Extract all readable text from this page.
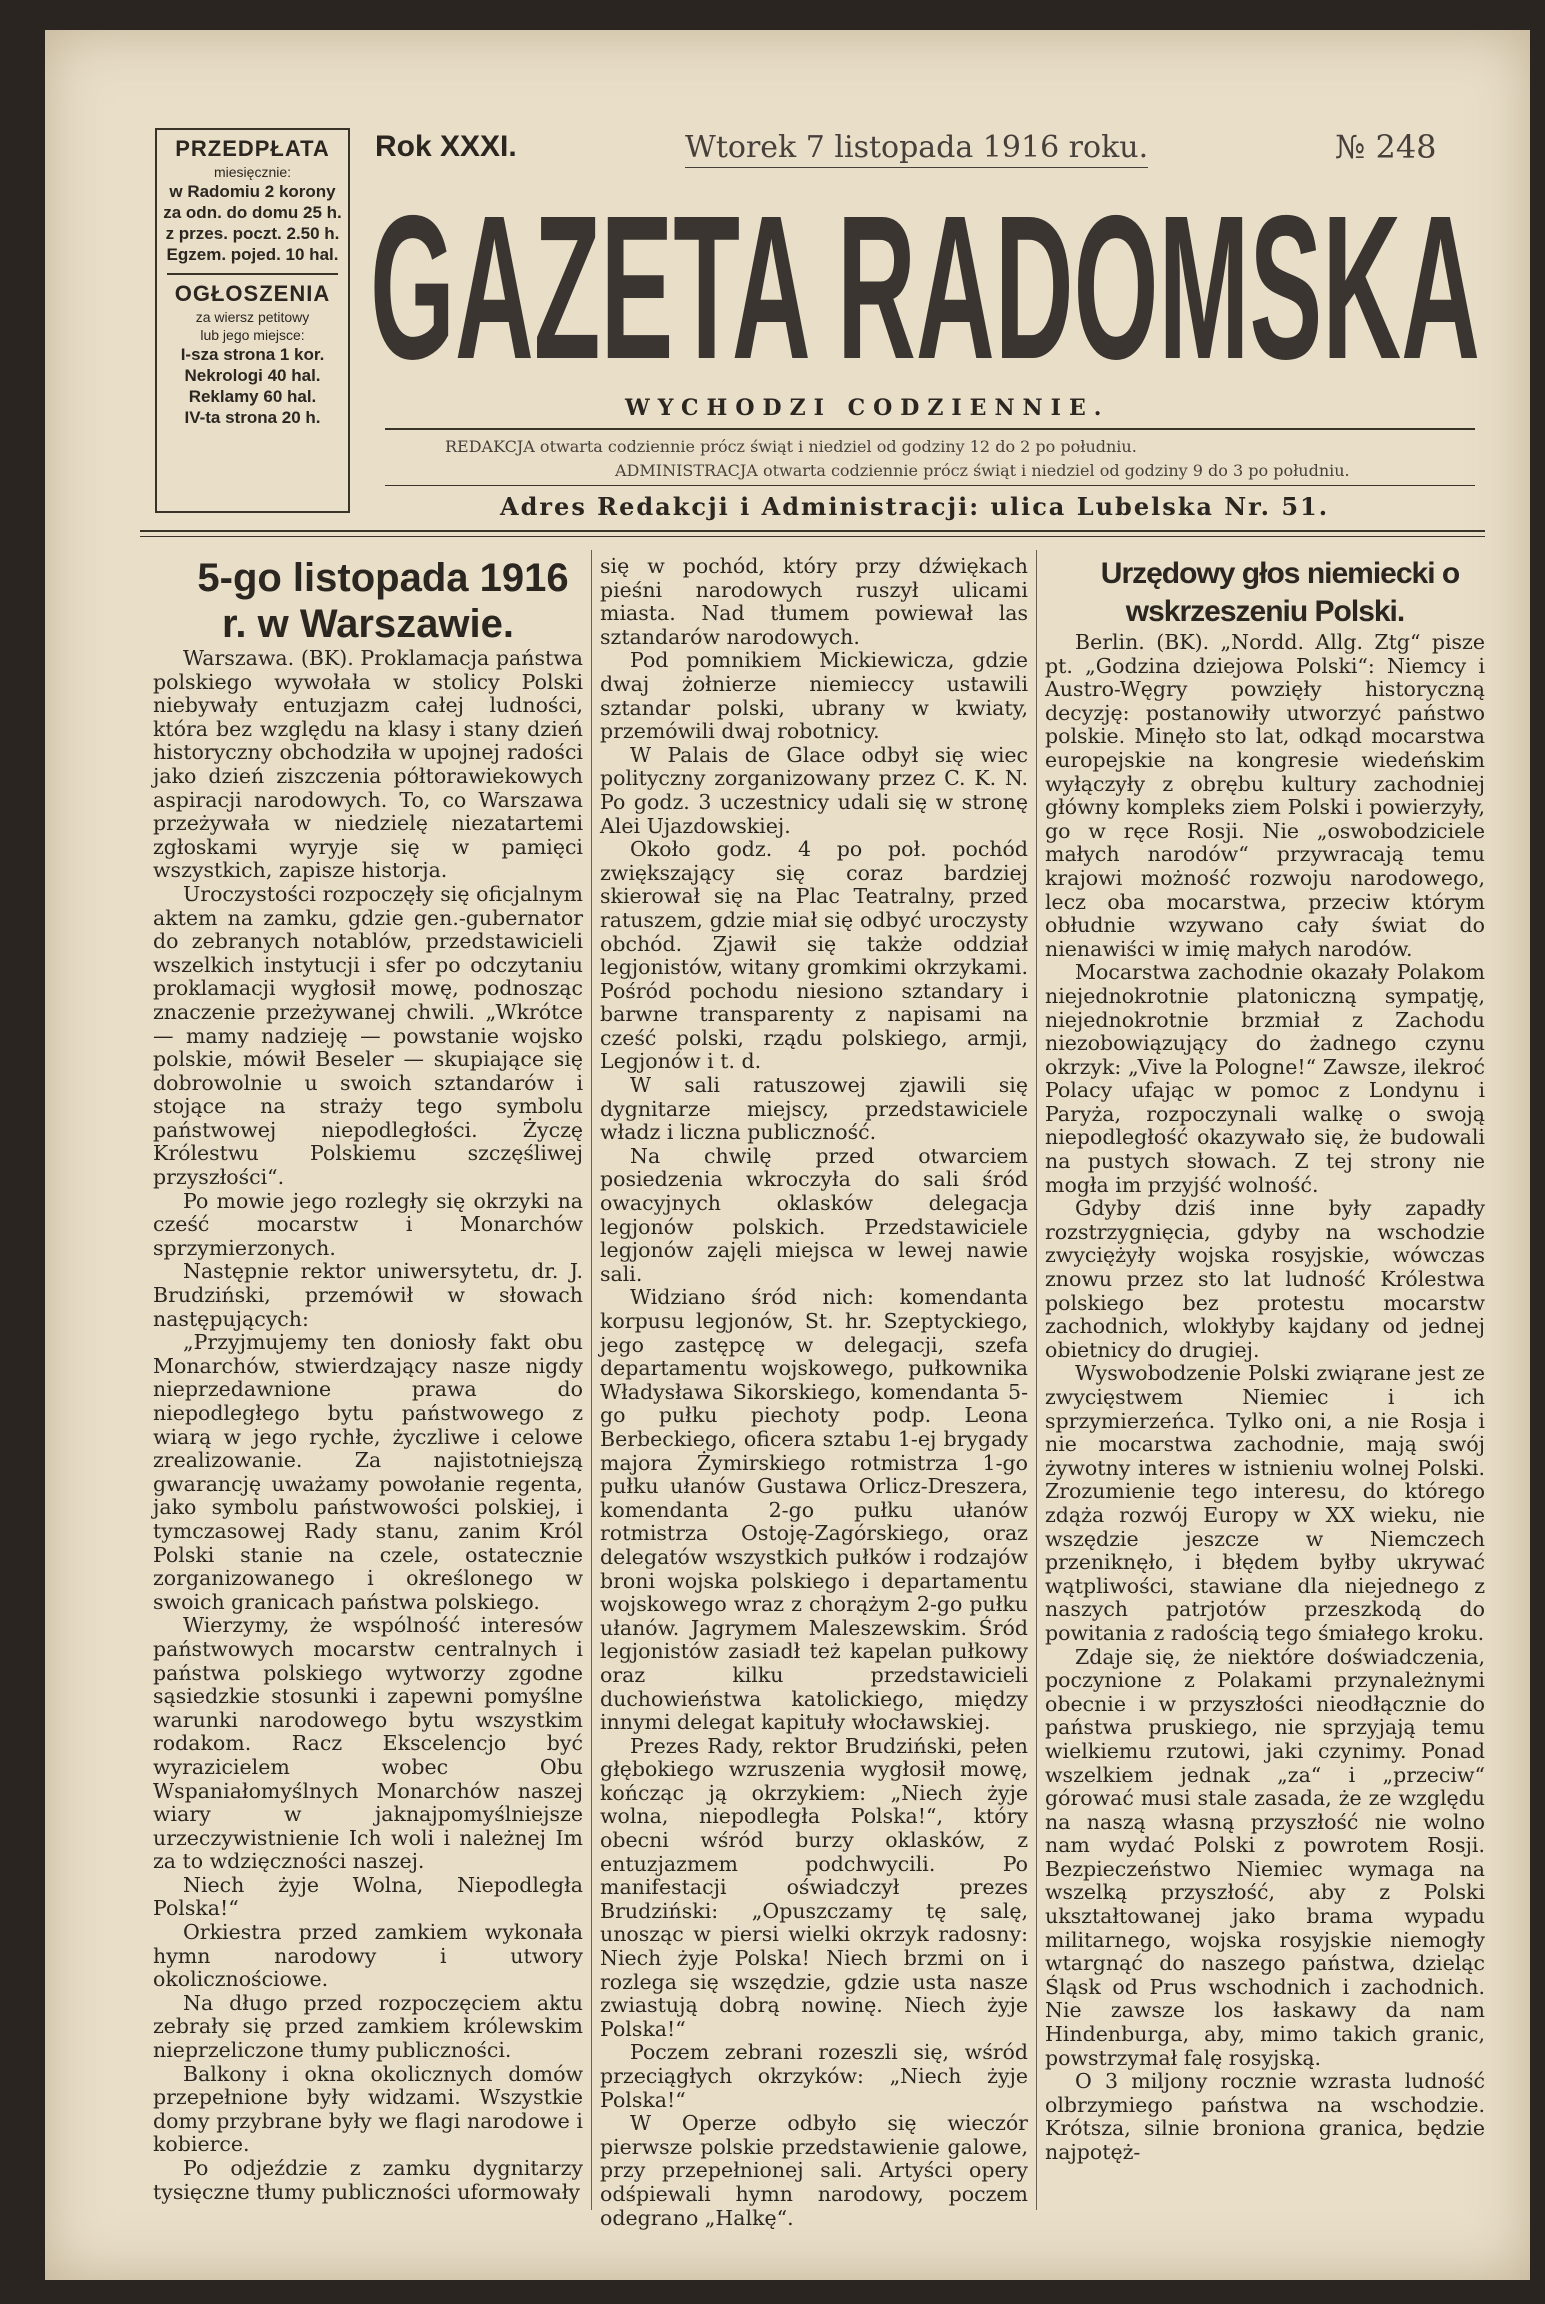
PRZEDPŁATA
miesięcznie:
w Radomiu 2 korony
za odn. do domu 25 h.
z przes. poczt. 2.50 h.
Egzem. pojed. 10 hal.
OGŁOSZENIA
za wiersz petitowy
lub jego miejsce:
I-sza strona 1 kor.
Nekrologi 40 hal.
Reklamy 60 hal.
IV-ta strona 20 h.
Rok XXXI.	Wtorek 7 listopada 1916 roku.	№ 248
GAZETA RADOMSKA
WYCHODZI CODZIENNIE.
REDAKCJA otwarta codziennie prócz świąt i niedziel od godziny 12 do 2 po południu.
ADMINISTRACJA otwarta codziennie prócz świąt i niedziel od godziny 9 do 3 po południu.
Adres Redakcji i Administracji: ulica Lubelska Nr. 51.

5-go listopada 1916 r. w Warszawie.

Warszawa. (BK). Proklamacja państwa polskiego wywołała w stolicy Polski niebywały entuzjazm całej ludności, która bez względu na klasy i stany dzień historyczny obchodziła w upojnej radości jako dzień ziszczenia półtorawiekowych aspiracji narodowych. To, co Warszawa przeżywała w niedzielę niezatartemi zgłoskami wyryje się w pamięci wszystkich, zapisze historja.

Uroczystości rozpoczęły się oficjalnym aktem na zamku, gdzie gen.-gubernator do zebranych notablów, przedstawicieli wszelkich instytucji i sfer po odczytaniu proklamacji wygłosił mowę, podnosząc znaczenie przeżywanej chwili. „Wkrótce — mamy nadzieję — powstanie wojsko polskie, mówił Beseler — skupiające się dobrowolnie u swoich sztandarów i stojące na straży tego symbolu państwowej niepodległości. Życzę Królestwu Polskiemu szczęśliwej przyszłości“.

Po mowie jego rozległy się okrzyki na cześć mocarstw i Monarchów sprzymierzonych.

Następnie rektor uniwersytetu, dr. J. Brudziński, przemówił w słowach następujących:

„Przyjmujemy ten doniosły fakt obu Monarchów, stwierdzający nasze nigdy nieprzedawnione prawa do niepodległego bytu państwowego z wiarą w jego rychłe, życzliwe i celowe zrealizowanie. Za najistotniejszą gwarancję uważamy powołanie regenta, jako symbolu państwowości polskiej, i tymczasowej Rady stanu, zanim Król Polski stanie na czele, ostatecznie zorganizowanego i określonego w swoich granicach państwa polskiego.

Wierzymy, że wspólność interesów państwowych mocarstw centralnych i państwa polskiego wytworzy zgodne sąsiedzkie stosunki i zapewni pomyślne warunki narodowego bytu wszystkim rodakom. Racz Ekscelencjo być wyrazicielem wobec Obu Wspaniałomyślnych Monarchów naszej wiary w jaknajpomyślniejsze urzeczywistnienie Ich woli i należnej Im za to wdzięczności naszej.

Niech żyje Wolna, Niepodległa Polska!“

Orkiestra przed zamkiem wykonała hymn narodowy i utwory okolicznościowe.

Na długo przed rozpoczęciem aktu zebrały się przed zamkiem królewskim nieprzeliczone tłumy publiczności.

Balkony i okna okolicznych domów przepełnione były widzami. Wszystkie domy przybrane były we flagi narodowe i kobierce.

Po odjeździe z zamku dygnitarzy tysięczne tłumy publiczności uformowały

się w pochód, który przy dźwiękach pieśni narodowych ruszył ulicami miasta. Nad tłumem powiewał las sztandarów narodowych.

Pod pomnikiem Mickiewicza, gdzie dwaj żołnierze niemieccy ustawili sztandar polski, ubrany w kwiaty, przemówili dwaj robotnicy.

W Palais de Glace odbył się wiec polityczny zorganizowany przez C. K. N. Po godz. 3 uczestnicy udali się w stronę Alei Ujazdowskiej.

Około godz. 4 po poł. pochód zwiększający się coraz bardziej skierował się na Plac Teatralny, przed ratuszem, gdzie miał się odbyć uroczysty obchód. Zjawił się także oddział legjonistów, witany gromkimi okrzykami. Pośród pochodu niesiono sztandary i barwne transparenty z napisami na cześć polski, rządu polskiego, armji, Legjonów i t. d.

W sali ratuszowej zjawili się dygnitarze miejscy, przedstawiciele władz i liczna publiczność.

Na chwilę przed otwarciem posiedzenia wkroczyła do sali śród owacyjnych oklasków delegacja legjonów polskich. Przedstawiciele legjonów zajęli miejsca w lewej nawie sali.

Widziano śród nich: komendanta korpusu legjonów, St. hr. Szeptyckiego, jego zastępcę w delegacji, szefa departamentu wojskowego, pułkownika Władysława Sikorskiego, komendanta 5-go pułku piechoty podp. Leona Berbeckiego, oficera sztabu 1-ej brygady majora Żymirskiego rotmistrza 1-go pułku ułanów Gustawa Orlicz-Dreszera, komendanta 2-go pułku ułanów rotmistrza Ostoję-Zagórskiego, oraz delegatów wszystkich pułków i rodzajów broni wojska polskiego i departamentu wojskowego wraz z chorążym 2-go pułku ułanów. Jagrymem Maleszewskim. Śród legjonistów zasiadł też kapelan pułkowy oraz kilku przedstawicieli duchowieństwa katolickiego, między innymi delegat kapituły włocławskiej.

Prezes Rady, rektor Brudziński, pełen głębokiego wzruszenia wygłosił mowę, kończąc ją okrzykiem: „Niech żyje wolna, niepodległa Polska!“, który obecni wśród burzy oklasków, z entuzjazmem podchwycili. Po manifestacji oświadczył prezes Brudziński: „Opuszczamy tę salę, unosząc w piersi wielki okrzyk radosny: Niech żyje Polska! Niech brzmi on i rozlega się wszędzie, gdzie usta nasze zwiastują dobrą nowinę. Niech żyje Polska!“

Poczem zebrani rozeszli się, wśród przeciągłych okrzyków: „Niech żyje Polska!“

W Operze odbyło się wieczór pierwsze polskie przedstawienie galowe, przy przepełnionej sali. Artyści opery odśpiewali hymn narodowy, poczem odegrano „Halkę“.

Urzędowy głos niemiecki o wskrzeszeniu Polski.

Berlin. (BK). „Nordd. Allg. Ztg“ pisze pt. „Godzina dziejowa Polski“: Niemcy i Austro-Węgry powzięły historyczną decyzję: postanowiły utworzyć państwo polskie. Minęło sto lat, odkąd mocarstwa europejskie na kongresie wiedeńskim wyłączyły z obrębu kultury zachodniej główny kompleks ziem Polski i powierzyły, go w ręce Rosji. Nie „oswobodziciele małych narodów“ przywracają temu krajowi możność rozwoju narodowego, lecz oba mocarstwa, przeciw którym obłudnie wzywano cały świat do nienawiści w imię małych narodów.

Mocarstwa zachodnie okazały Polakom niejednokrotnie platoniczną sympatję, niejednokrotnie brzmiał z Zachodu niezobowiązujący do żadnego czynu okrzyk: „Vive la Pologne!“ Zawsze, ilekroć Polacy ufając w pomoc z Londynu i Paryża, rozpoczynali walkę o swoją niepodległość okazywało się, że budowali na pustych słowach. Z tej strony nie mogła im przyjść wolność.

Gdyby dziś inne były zapadły rozstrzygnięcia, gdyby na wschodzie zwyciężyły wojska rosyjskie, wówczas znowu przez sto lat ludność Królestwa polskiego bez protestu mocarstw zachodnich, wlokłyby kajdany od jednej obietnicy do drugiej.

Wyswobodzenie Polski zwiąrane jest ze zwycięstwem Niemiec i ich sprzymierzeńca. Tylko oni, a nie Rosja i nie mocarstwa zachodnie, mają swój żywotny interes w istnieniu wolnej Polski. Zrozumienie tego interesu, do którego zdąża rozwój Europy w XX wieku, nie wszędzie jeszcze w Niemczech przeniknęło, i błędem byłby ukrywać wątpliwości, stawiane dla niejednego z naszych patrjotów przeszkodą do powitania z radością tego śmiałego kroku.

Zdaje się, że niektóre doświadczenia, poczynione z Polakami przynależnymi obecnie i w przyszłości nieodłącznie do państwa pruskiego, nie sprzyjają temu wielkiemu rzutowi, jaki czynimy. Ponad wszelkiem jednak „za“ i „przeciw“ górować musi stale zasada, że ze względu na naszą własną przyszłość nie wolno nam wydać Polski z powrotem Rosji. Bezpieczeństwo Niemiec wymaga na wszelką przyszłość, aby z Polski ukształtowanej jako brama wypadu militarnego, wojska rosyjskie niemogły wtargnąć do naszego państwa, dzieląc Śląsk od Prus wschodnich i zachodnich. Nie zawsze los łaskawy da nam Hindenburga, aby, mimo takich granic, powstrzymał falę rosyjską.

O 3 miljony rocznie wzrasta ludność olbrzymiego państwa na wschodzie. Krótsza, silnie broniona granica, będzie najpotęż-
